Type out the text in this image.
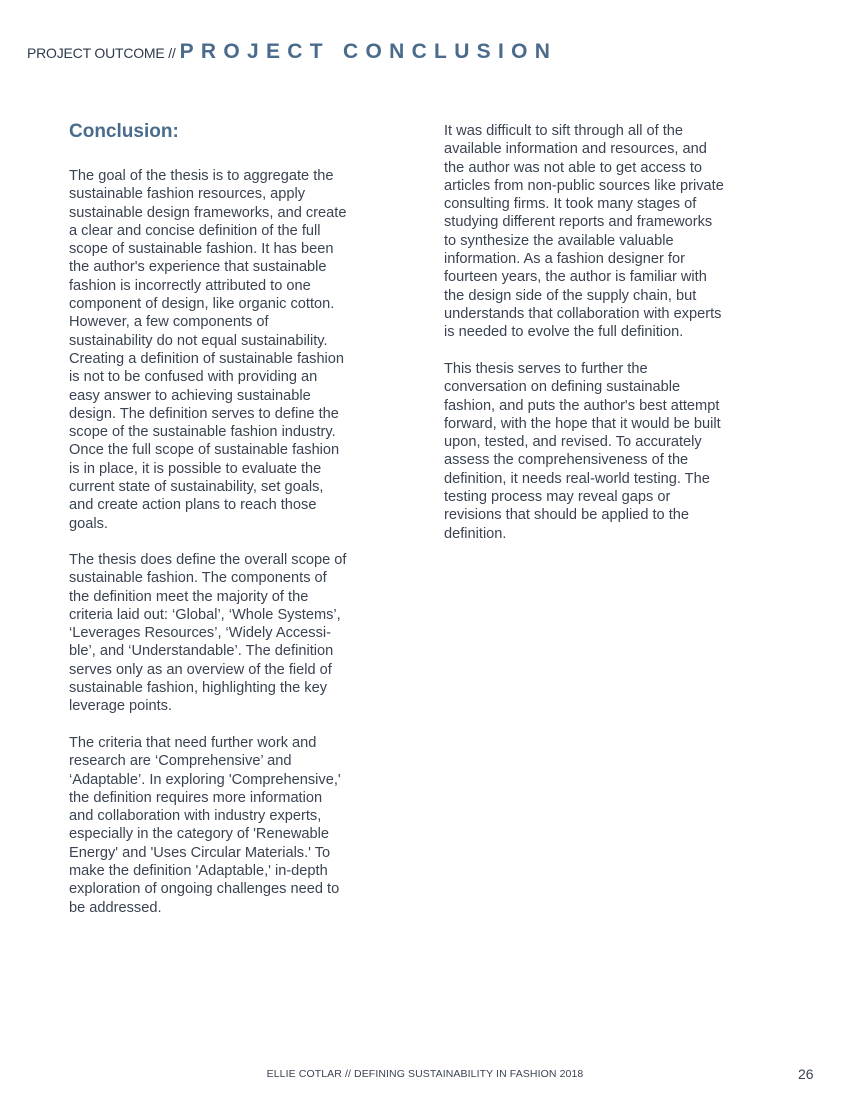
PROJECT OUTCOME // PROJECT CONCLUSION
Conclusion:
The goal of the thesis is to aggregate the
sustainable fashion resources, apply
sustainable design frameworks, and create
a clear and concise definition of the full
scope of sustainable fashion. It has been
the author's experience that sustainable
fashion is incorrectly attributed to one
component of design, like organic cotton.
However, a few components of
sustainability do not equal sustainability.
Creating a definition of sustainable fashion
is not to be confused with providing an
easy answer to achieving sustainable
design. The definition serves to define the
scope of the sustainable fashion industry.
Once the full scope of sustainable fashion
is in place, it is possible to evaluate the
current state of sustainability, set goals,
and create action plans to reach those
goals.
The thesis does define the overall scope of
sustainable fashion. The components of
the definition meet the majority of the
criteria laid out: ‘Global’, ‘Whole Systems’,
‘Leverages Resources’, ‘Widely Accessi-
ble’, and ‘Understandable’. The definition
serves only as an overview of the field of
sustainable fashion, highlighting the key
leverage points.
The criteria that need further work and
research are ‘Comprehensive’ and
‘Adaptable’. In exploring 'Comprehensive,'
the definition requires more information
and collaboration with industry experts,
especially in the category of 'Renewable
Energy' and 'Uses Circular Materials.' To
make the definition 'Adaptable,' in-depth
exploration of ongoing challenges need to
be addressed.
It was difficult to sift through all of the
available information and resources, and
the author was not able to get access to
articles from non-public sources like private
consulting firms. It took many stages of
studying different reports and frameworks
to synthesize the available valuable
information. As a fashion designer for
fourteen years, the author is familiar with
the design side of the supply chain, but
understands that collaboration with experts
is needed to evolve the full definition.
This thesis serves to further the
conversation on defining sustainable
fashion, and puts the author's best attempt
forward, with the hope that it would be built
upon, tested, and revised. To accurately
assess the comprehensiveness of the
definition, it needs real-world testing. The
testing process may reveal gaps or
revisions that should be applied to the
definition.
ELLIE COTLAR // DEFINING SUSTAINABILITY IN FASHION 2018	26
